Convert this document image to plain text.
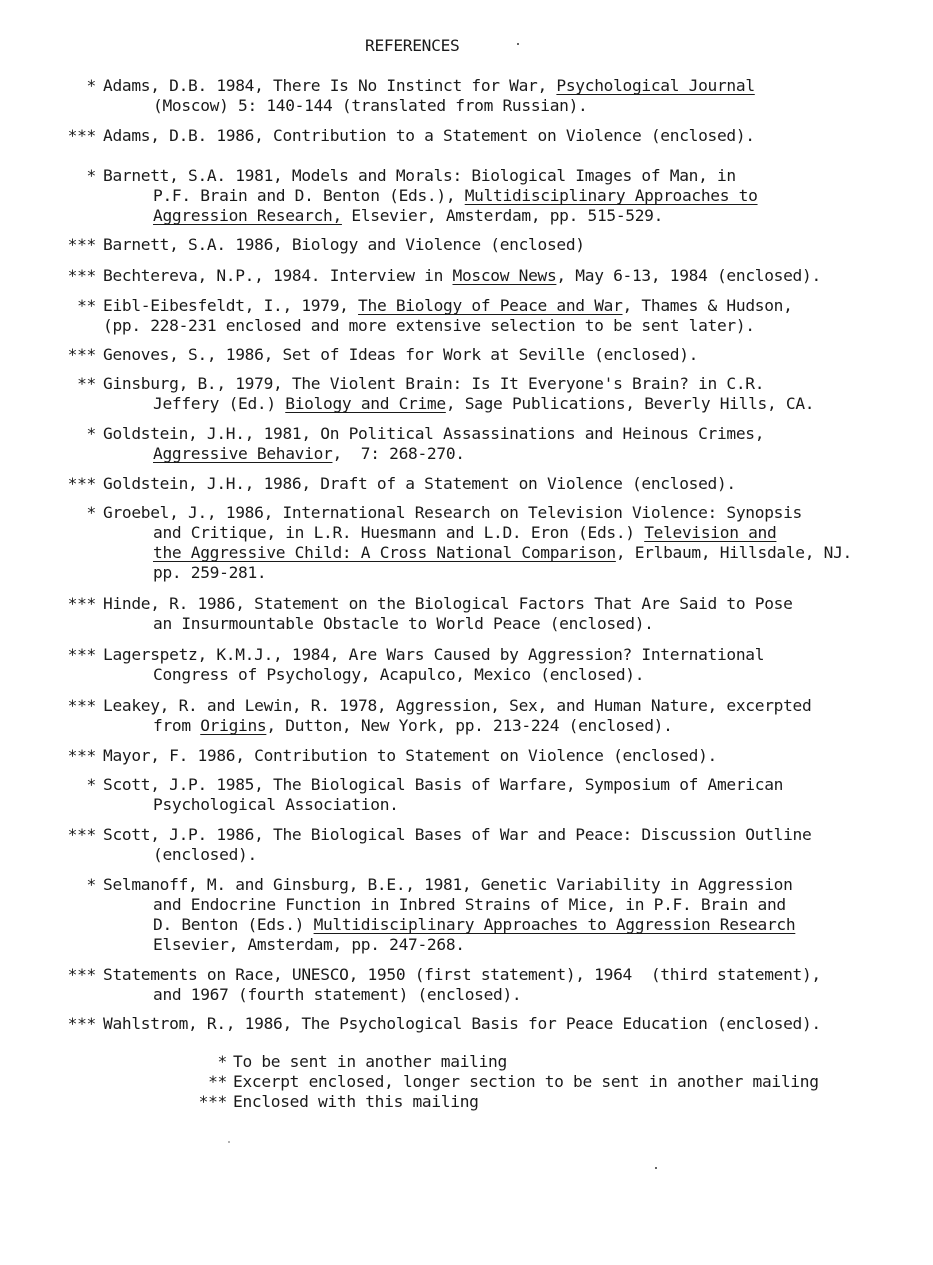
REFERENCES
* Adams, D.B. 1984, There Is No Instinct for War, Psychological Journal
(Moscow) 5: 140-144 (translated from Russian).
*** Adams, D.B. 1986, Contribution to a Statement on Violence (enclosed).
* Barnett, S.A. 1981, Models and Morals: Biological Images of Man, in
P.F. Brain and D. Benton (Eds.), Multidisciplinary Approaches to
Aggression Research, Elsevier, Amsterdam, pp. 515-529.
*** Barnett, S.A. 1986, Biology and Violence (enclosed)
*** Bechtereva, N.P., 1984. Interview in Moscow News, May 6-13, 1984 (enclosed).
** Eibl-Eibesfeldt, I., 1979, The Biology of Peace and War, Thames & Hudson,
(pp. 228-231 enclosed and more extensive selection to be sent later).
*** Genoves, S., 1986, Set of Ideas for Work at Seville (enclosed).
** Ginsburg, B., 1979, The Violent Brain: Is It Everyone's Brain? in C.R.
Jeffery (Ed.) Biology and Crime, Sage Publications, Beverly Hills, CA.
* Goldstein, J.H., 1981, On Political Assassinations and Heinous Crimes,
Aggressive Behavior,  7: 268-270.
*** Goldstein, J.H., 1986, Draft of a Statement on Violence (enclosed).
* Groebel, J., 1986, International Research on Television Violence: Synopsis
and Critique, in L.R. Huesmann and L.D. Eron (Eds.) Television and
the Aggressive Child: A Cross National Comparison, Erlbaum, Hillsdale, NJ.
pp. 259-281.
*** Hinde, R. 1986, Statement on the Biological Factors That Are Said to Pose
an Insurmountable Obstacle to World Peace (enclosed).
*** Lagerspetz, K.M.J., 1984, Are Wars Caused by Aggression? International
Congress of Psychology, Acapulco, Mexico (enclosed).
*** Leakey, R. and Lewin, R. 1978, Aggression, Sex, and Human Nature, excerpted
from Origins, Dutton, New York, pp. 213-224 (enclosed).
*** Mayor, F. 1986, Contribution to Statement on Violence (enclosed).
* Scott, J.P. 1985, The Biological Basis of Warfare, Symposium of American
Psychological Association.
*** Scott, J.P. 1986, The Biological Bases of War and Peace: Discussion Outline
(enclosed).
* Selmanoff, M. and Ginsburg, B.E., 1981, Genetic Variability in Aggression
and Endocrine Function in Inbred Strains of Mice, in P.F. Brain and
D. Benton (Eds.) Multidisciplinary Approaches to Aggression Research
Elsevier, Amsterdam, pp. 247-268.
*** Statements on Race, UNESCO, 1950 (first statement), 1964  (third statement),
and 1967 (fourth statement) (enclosed).
*** Wahlstrom, R., 1986, The Psychological Basis for Peace Education (enclosed).
* To be sent in another mailing
** Excerpt enclosed, longer section to be sent in another mailing
*** Enclosed with this mailing
